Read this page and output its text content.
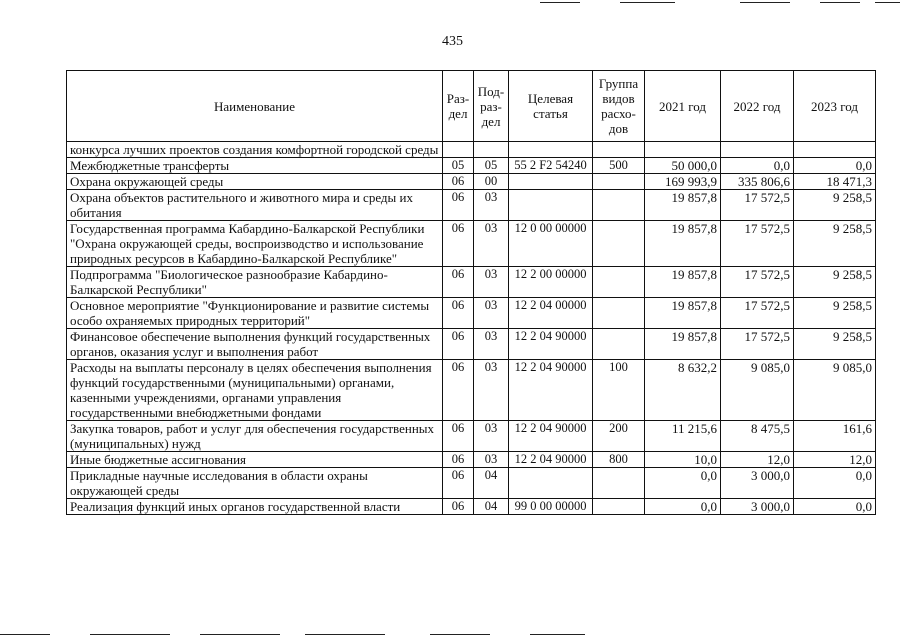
435
Наименование	Раз-дел	Под-раз-дел	Целевая статья	Группа видов расхо-дов	2021 год	2022 год	2023 год
конкурса лучших проектов создания комфортной городской среды							
Межбюджетные трансферты	05	05	55 2 F2 54240	500	50 000,0	0,0	0,0
Охрана окружающей среды	06	00			169 993,9	335 806,6	18 471,3
Охрана объектов растительного и животного мира и среды их обитания	06	03			19 857,8	17 572,5	9 258,5
Государственная программа Кабардино-Балкарской Республики "Охрана окружающей среды, воспроизводство и использование природных ресурсов в Кабардино-Балкарской Республике"	06	03	12 0 00 00000		19 857,8	17 572,5	9 258,5
Подпрограмма "Биологическое разнообразие Кабардино-Балкарской Республики"	06	03	12 2 00 00000		19 857,8	17 572,5	9 258,5
Основное мероприятие "Функционирование и развитие системы особо охраняемых природных территорий"	06	03	12 2 04 00000		19 857,8	17 572,5	9 258,5
Финансовое обеспечение выполнения функций государственных органов, оказания услуг и выполнения работ	06	03	12 2 04 90000		19 857,8	17 572,5	9 258,5
Расходы на выплаты персоналу в целях обеспечения выполнения функций государственными (муниципальными) органами, казенными учреждениями, органами управления государственными внебюджетными фондами	06	03	12 2 04 90000	100	8 632,2	9 085,0	9 085,0
Закупка товаров, работ и услуг для обеспечения государственных (муниципальных) нужд	06	03	12 2 04 90000	200	11 215,6	8 475,5	161,6
Иные бюджетные ассигнования	06	03	12 2 04 90000	800	10,0	12,0	12,0
Прикладные научные исследования в области охраны окружающей среды	06	04			0,0	3 000,0	0,0
Реализация функций иных органов государственной власти	06	04	99 0 00 00000		0,0	3 000,0	0,0
